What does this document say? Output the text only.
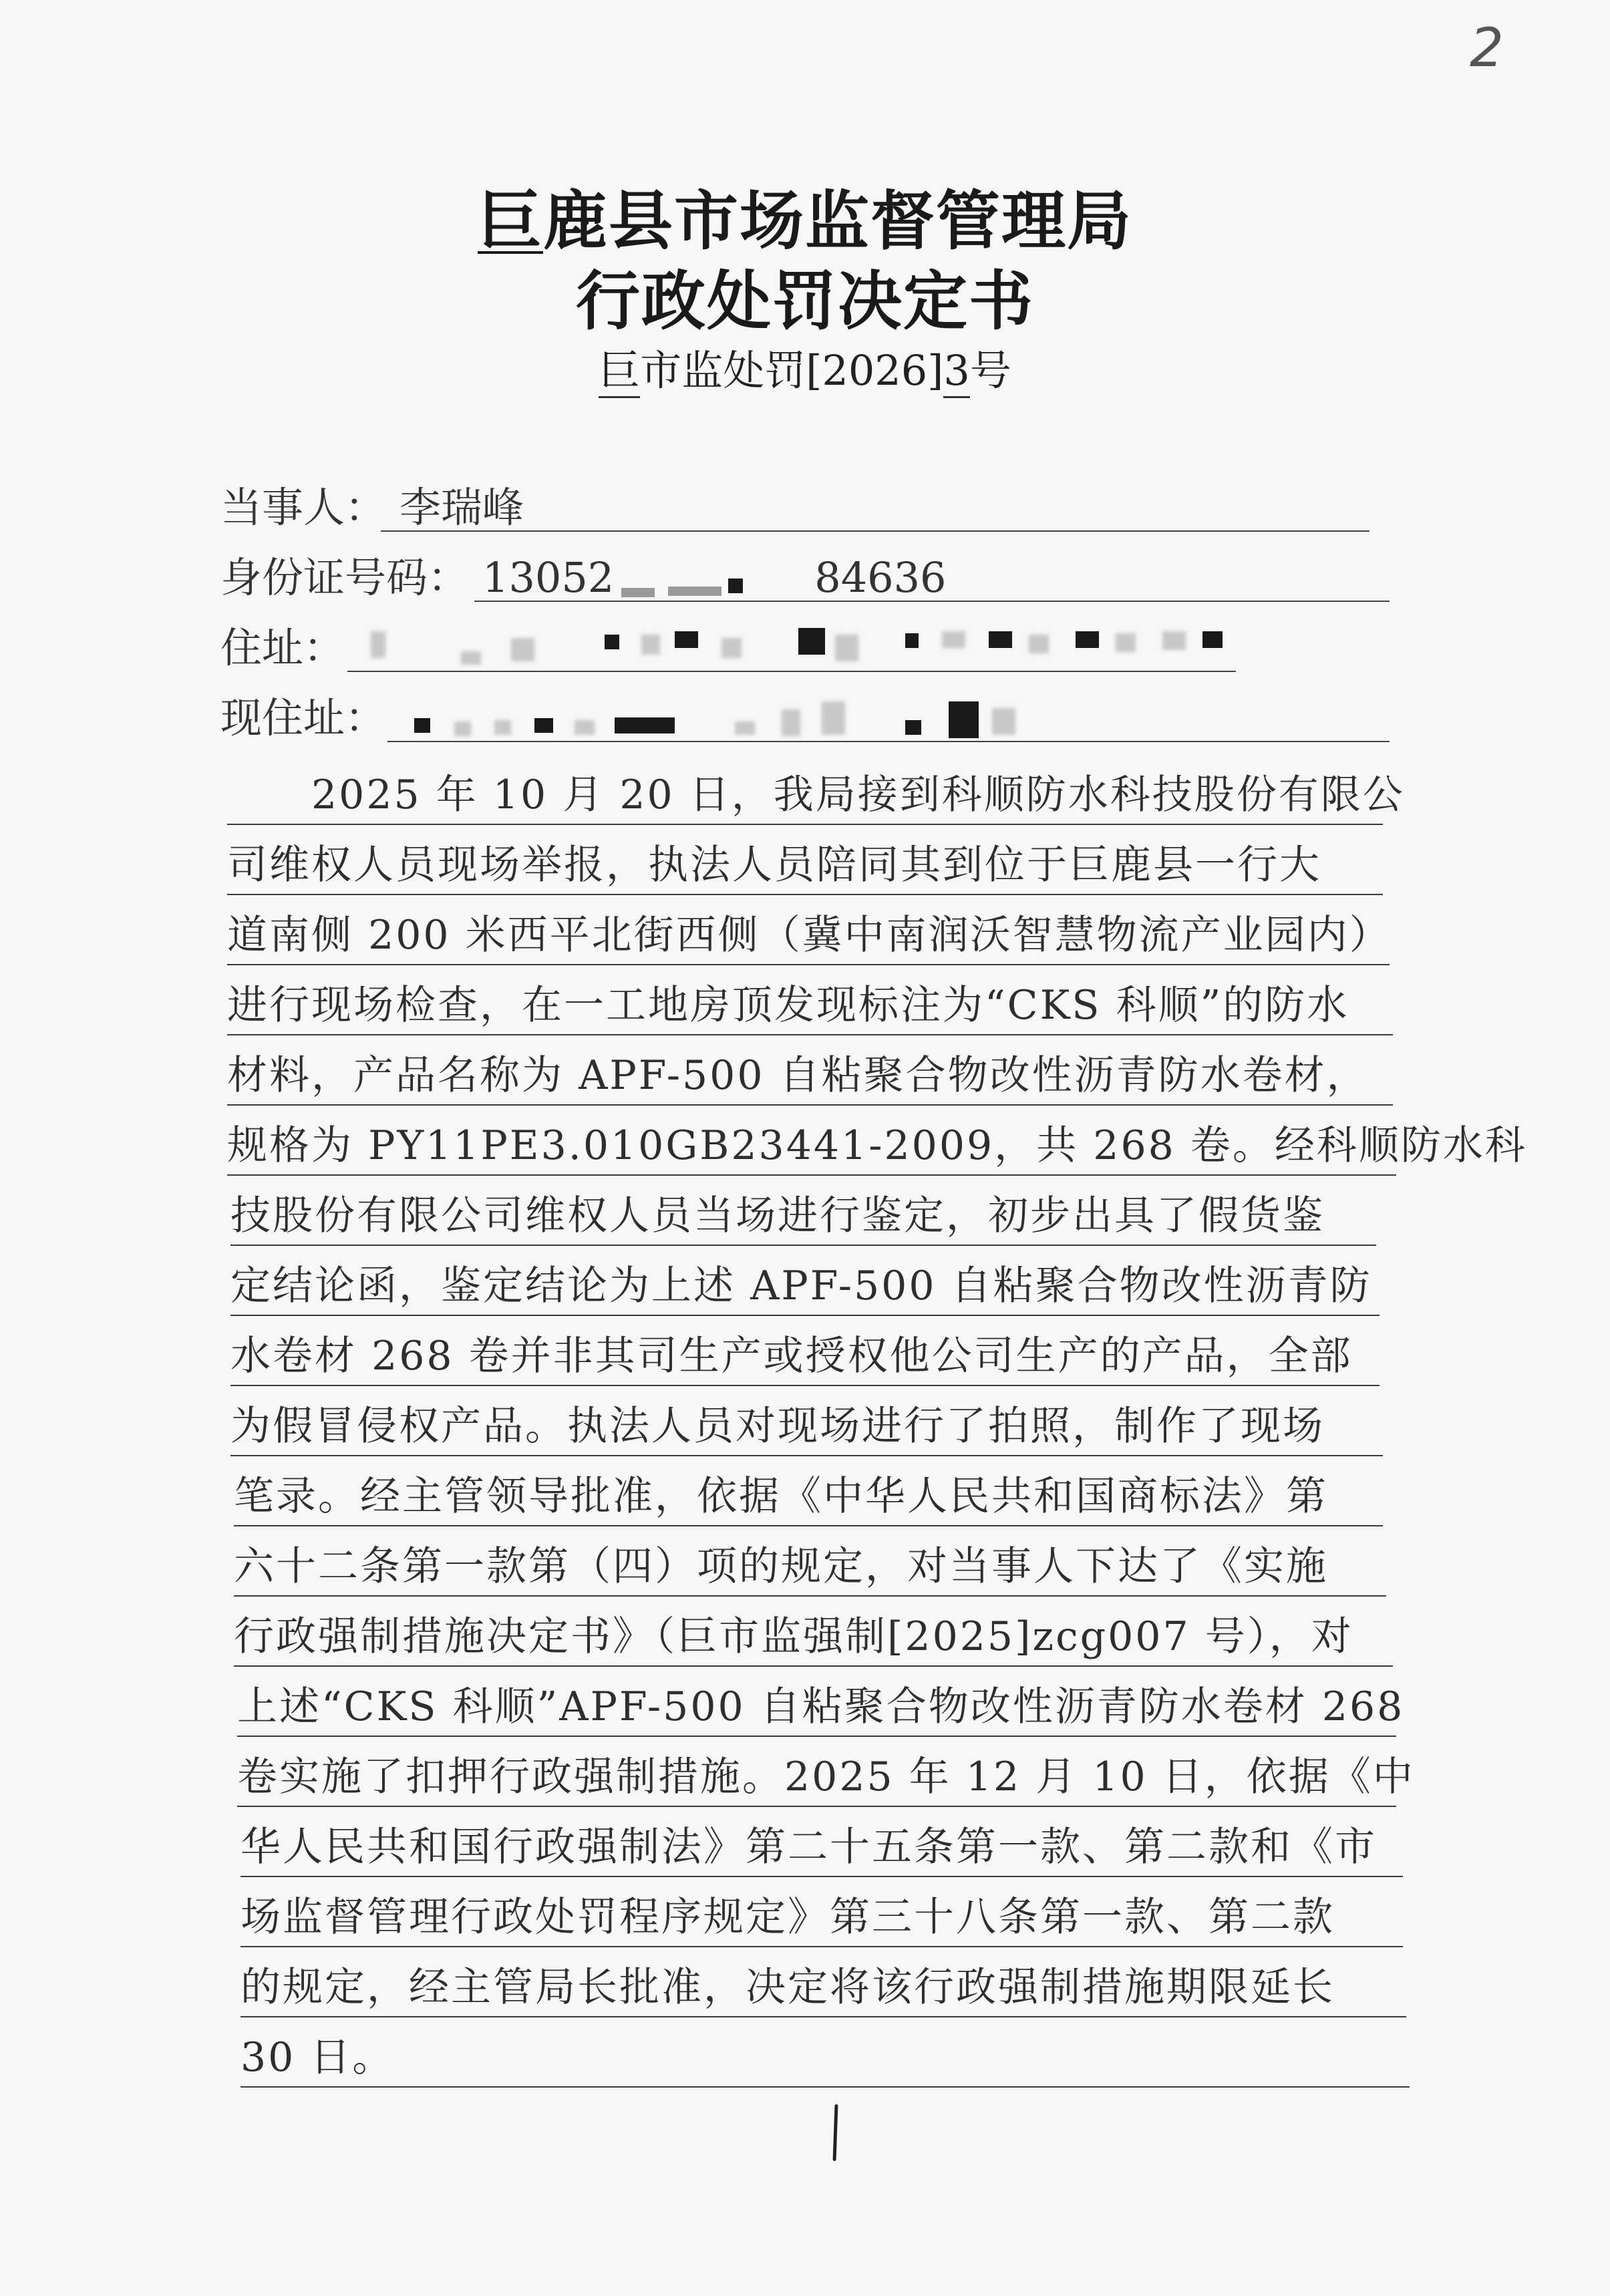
2
巨鹿县市场监督管理局
行政处罚决定书
巨市监处罚[2026]3号
当事人： 李瑞峰
身份证号码： 13052	84636
住址：
现住址：
　　2025 年 10 月 20 日，我局接到科顺防水科技股份有限公
司维权人员现场举报，执法人员陪同其到位于巨鹿县一行大
道南侧 200 米西平北街西侧（冀中南润沃智慧物流产业园内）
进行现场检查，在一工地房顶发现标注为“CKS 科顺”的防水
材料，产品名称为 APF-500 自粘聚合物改性沥青防水卷材，
规格为 PY11PE3.010GB23441-2009，共 268 卷。经科顺防水科
技股份有限公司维权人员当场进行鉴定，初步出具了假货鉴
定结论函，鉴定结论为上述 APF-500 自粘聚合物改性沥青防
水卷材 268 卷并非其司生产或授权他公司生产的产品，全部
为假冒侵权产品。执法人员对现场进行了拍照，制作了现场
笔录。经主管领导批准，依据《中华人民共和国商标法》第
六十二条第一款第（四）项的规定，对当事人下达了《实施
行政强制措施决定书》（巨市监强制[2025]zcg007 号），对
上述“CKS 科顺”APF-500 自粘聚合物改性沥青防水卷材 268
卷实施了扣押行政强制措施。2025 年 12 月 10 日，依据《中
华人民共和国行政强制法》第二十五条第一款、第二款和《市
场监督管理行政处罚程序规定》第三十八条第一款、第二款
的规定，经主管局长批准，决定将该行政强制措施期限延长
30 日。
